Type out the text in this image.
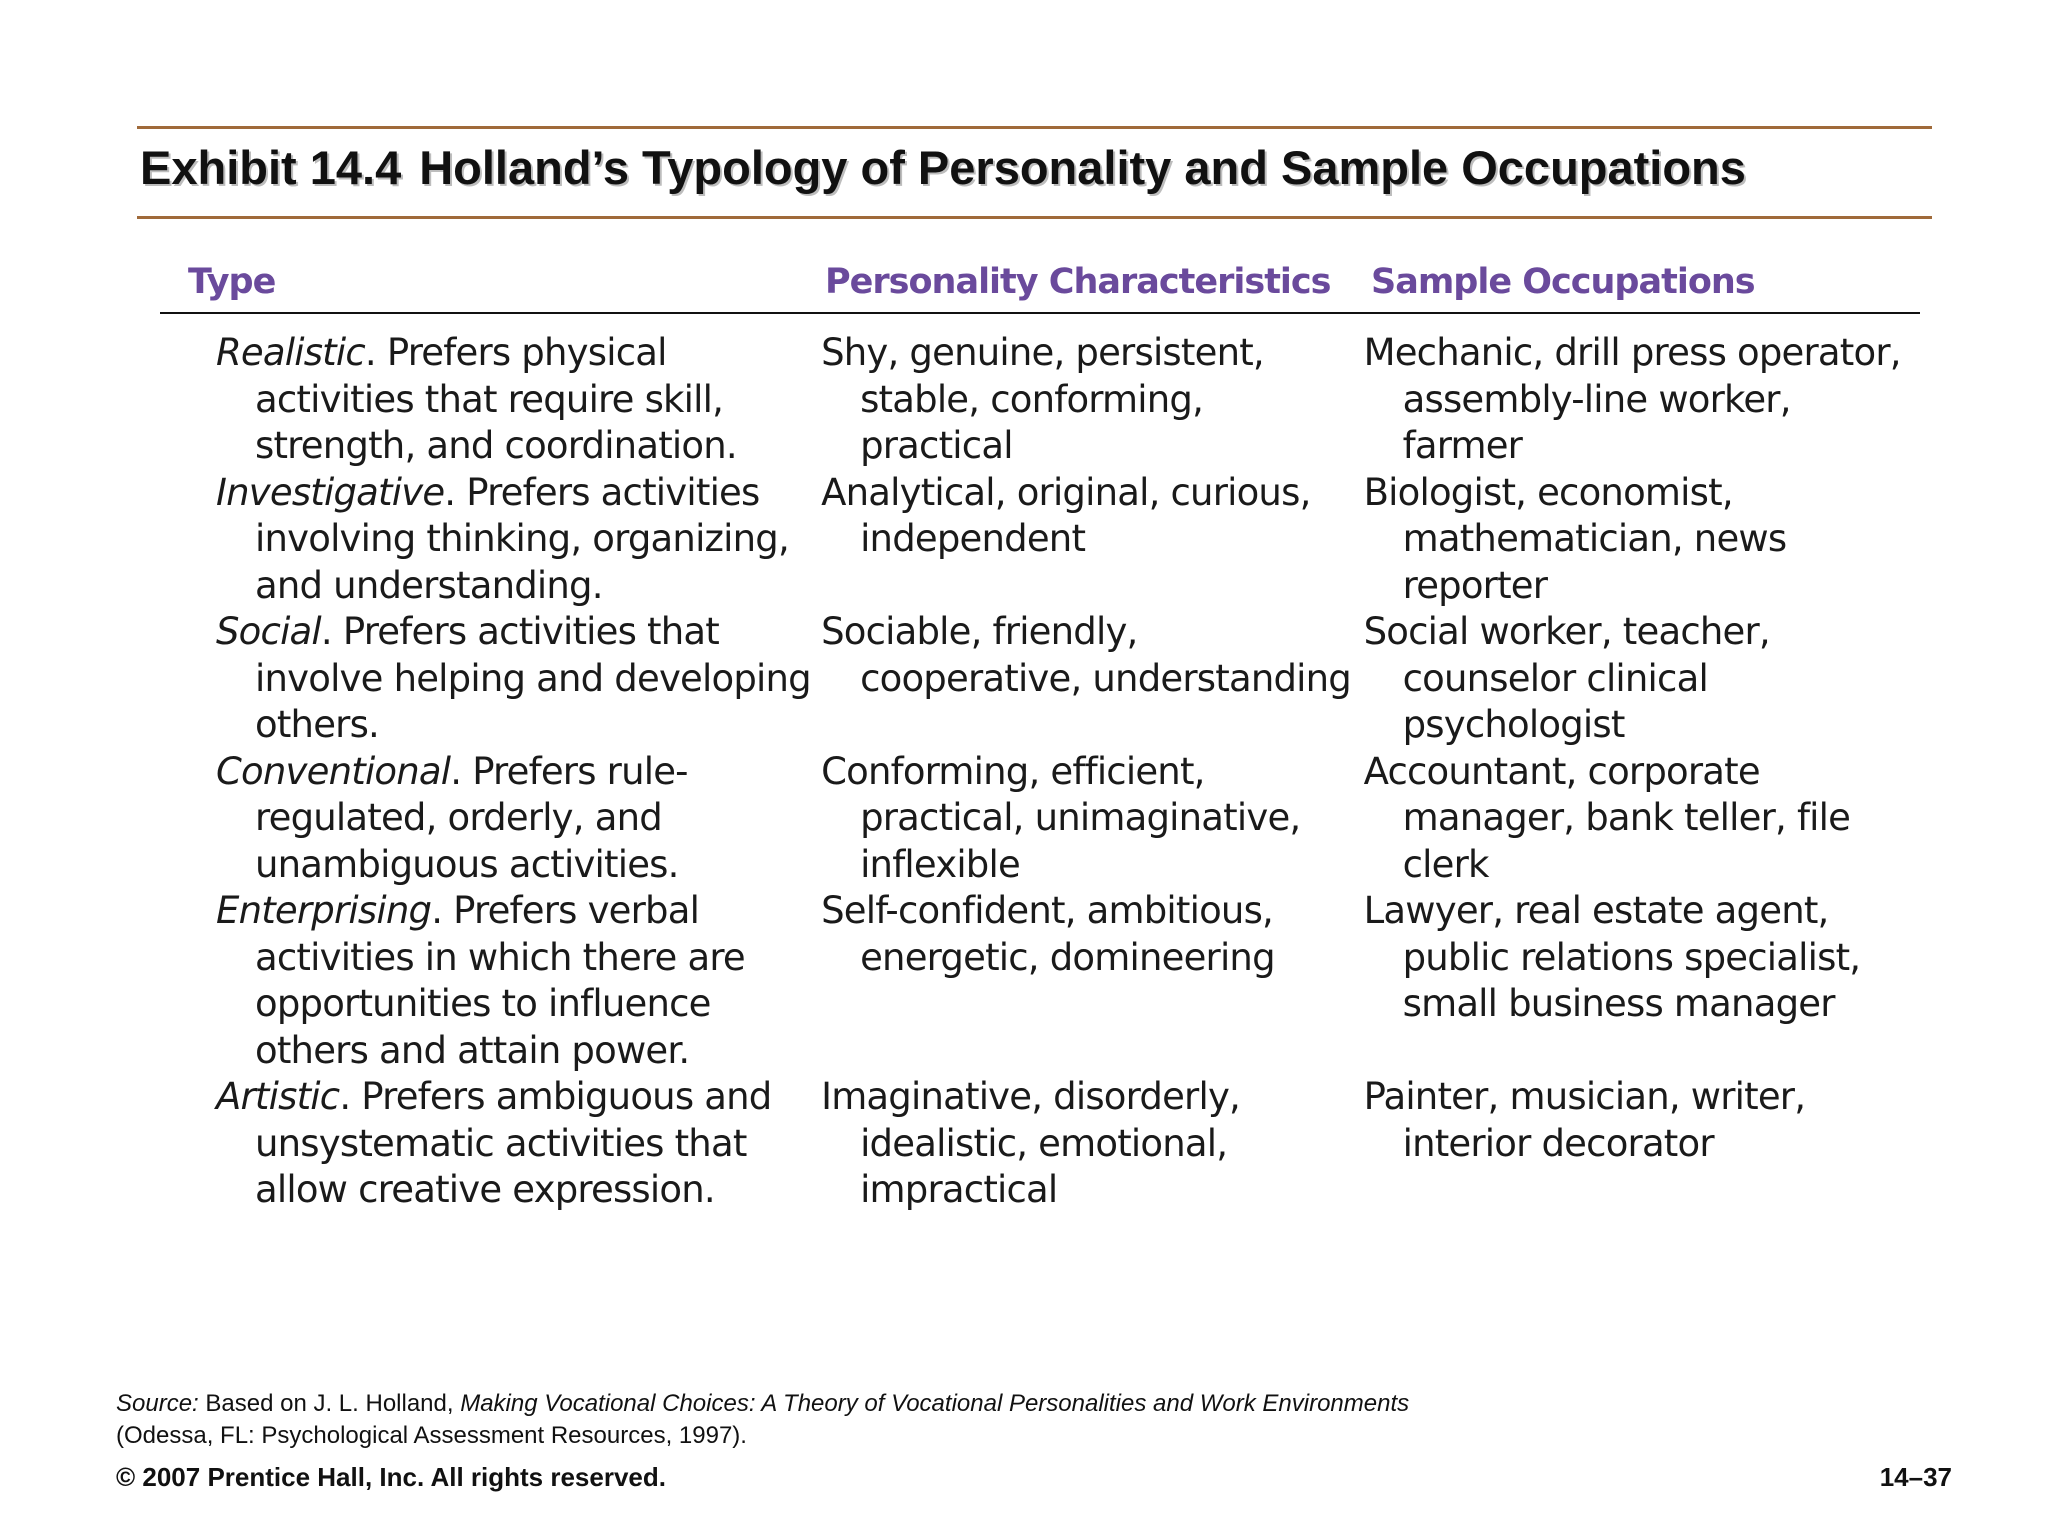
Exhibit 14.4 Holland’s Typology of Personality and Sample Occupations
Type	Personality Characteristics Sample Occupations
Realistic. Prefers physical activities that require skill, strength, and coordination.
Shy, genuine, persistent, stable, conforming, practical
Mechanic, drill press operator, assembly-line worker, farmer
Investigative. Prefers activities involving thinking, organizing, and understanding.
Analytical, original, curious, independent
Biologist, economist, mathematician, news reporter
Social. Prefers activities that involve helping and developing others.
Sociable, friendly, cooperative, understanding
Social worker, teacher, counselor clinical psychologist
Conventional. Prefers rule-regulated, orderly, and unambiguous activities.
Conforming, efficient, practical, unimaginative, inflexible
Accountant, corporate manager, bank teller, file clerk
Enterprising. Prefers verbal activities in which there are opportunities to influence others and attain power.
Self-confident, ambitious, energetic, domineering
Lawyer, real estate agent, public relations specialist, small business manager
Artistic. Prefers ambiguous and unsystematic activities that allow creative expression.
Imaginative, disorderly, idealistic, emotional, impractical
Painter, musician, writer, interior decorator
Source: Based on J. L. Holland, Making Vocational Choices: A Theory of Vocational Personalities and Work Environments (Odessa, FL: Psychological Assessment Resources, 1997).
© 2007 Prentice Hall, Inc. All rights reserved.	14–37
